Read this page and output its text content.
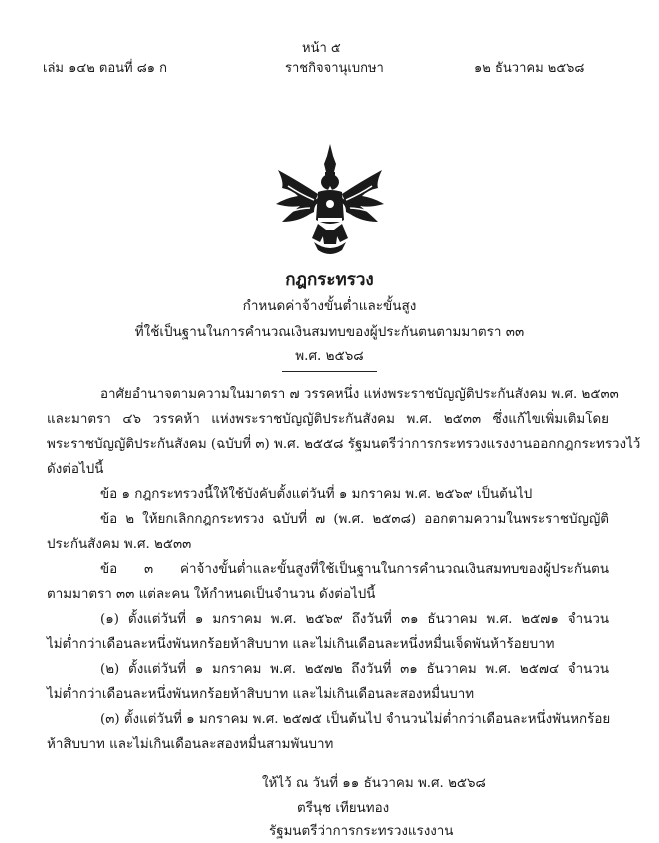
หน้า ๕
เล่ม ๑๔๒ ตอนที่ ๘๑ ก	ราชกิจจานุเบกษา	๑๒ ธันวาคม ๒๕๖๘
กฎกระทรวง
กำหนดค่าจ้างขั้นต่ำและขั้นสูง
ที่ใช้เป็นฐานในการคำนวณเงินสมทบของผู้ประกันตนตามมาตรา ๓๓
พ.ศ. ๒๕๖๘
อาศัยอำนาจตามความในมาตรา ๗ วรรคหนึ่ง แห่งพระราชบัญญัติประกันสังคม พ.ศ. ๒๕๓๓
และมาตรา ๔๖ วรรคห้า แห่งพระราชบัญญัติประกันสังคม พ.ศ. ๒๕๓๓ ซึ่งแก้ไขเพิ่มเติมโดย
พระราชบัญญัติประกันสังคม (ฉบับที่ ๓) พ.ศ. ๒๕๕๘ รัฐมนตรีว่าการกระทรวงแรงงานออกกฎกระทรวงไว้
ดังต่อไปนี้
ข้อ ๑ กฎกระทรวงนี้ให้ใช้บังคับตั้งแต่วันที่ ๑ มกราคม พ.ศ. ๒๕๖๙ เป็นต้นไป
ข้อ ๒ ให้ยกเลิกกฎกระทรวง ฉบับที่ ๗ (พ.ศ. ๒๕๓๘) ออกตามความในพระราชบัญญัติ
ประกันสังคม พ.ศ. ๒๕๓๓
ข้อ ๓ ค่าจ้างขั้นต่ำและขั้นสูงที่ใช้เป็นฐานในการคำนวณเงินสมทบของผู้ประกันตน
ตามมาตรา ๓๓ แต่ละคน ให้กำหนดเป็นจำนวน ดังต่อไปนี้
(๑) ตั้งแต่วันที่ ๑ มกราคม พ.ศ. ๒๕๖๙ ถึงวันที่ ๓๑ ธันวาคม พ.ศ. ๒๕๗๑ จำนวน
ไม่ต่ำกว่าเดือนละหนึ่งพันหกร้อยห้าสิบบาท และไม่เกินเดือนละหนึ่งหมื่นเจ็ดพันห้าร้อยบาท
(๒) ตั้งแต่วันที่ ๑ มกราคม พ.ศ. ๒๕๗๒ ถึงวันที่ ๓๑ ธันวาคม พ.ศ. ๒๕๗๔ จำนวน
ไม่ต่ำกว่าเดือนละหนึ่งพันหกร้อยห้าสิบบาท และไม่เกินเดือนละสองหมื่นบาท
(๓) ตั้งแต่วันที่ ๑ มกราคม พ.ศ. ๒๕๗๕ เป็นต้นไป จำนวนไม่ต่ำกว่าเดือนละหนึ่งพันหกร้อย
ห้าสิบบาท และไม่เกินเดือนละสองหมื่นสามพันบาท
ให้ไว้ ณ วันที่ ๑๑ ธันวาคม พ.ศ. ๒๕๖๘
ตรีนุช เทียนทอง
รัฐมนตรีว่าการกระทรวงแรงงาน
